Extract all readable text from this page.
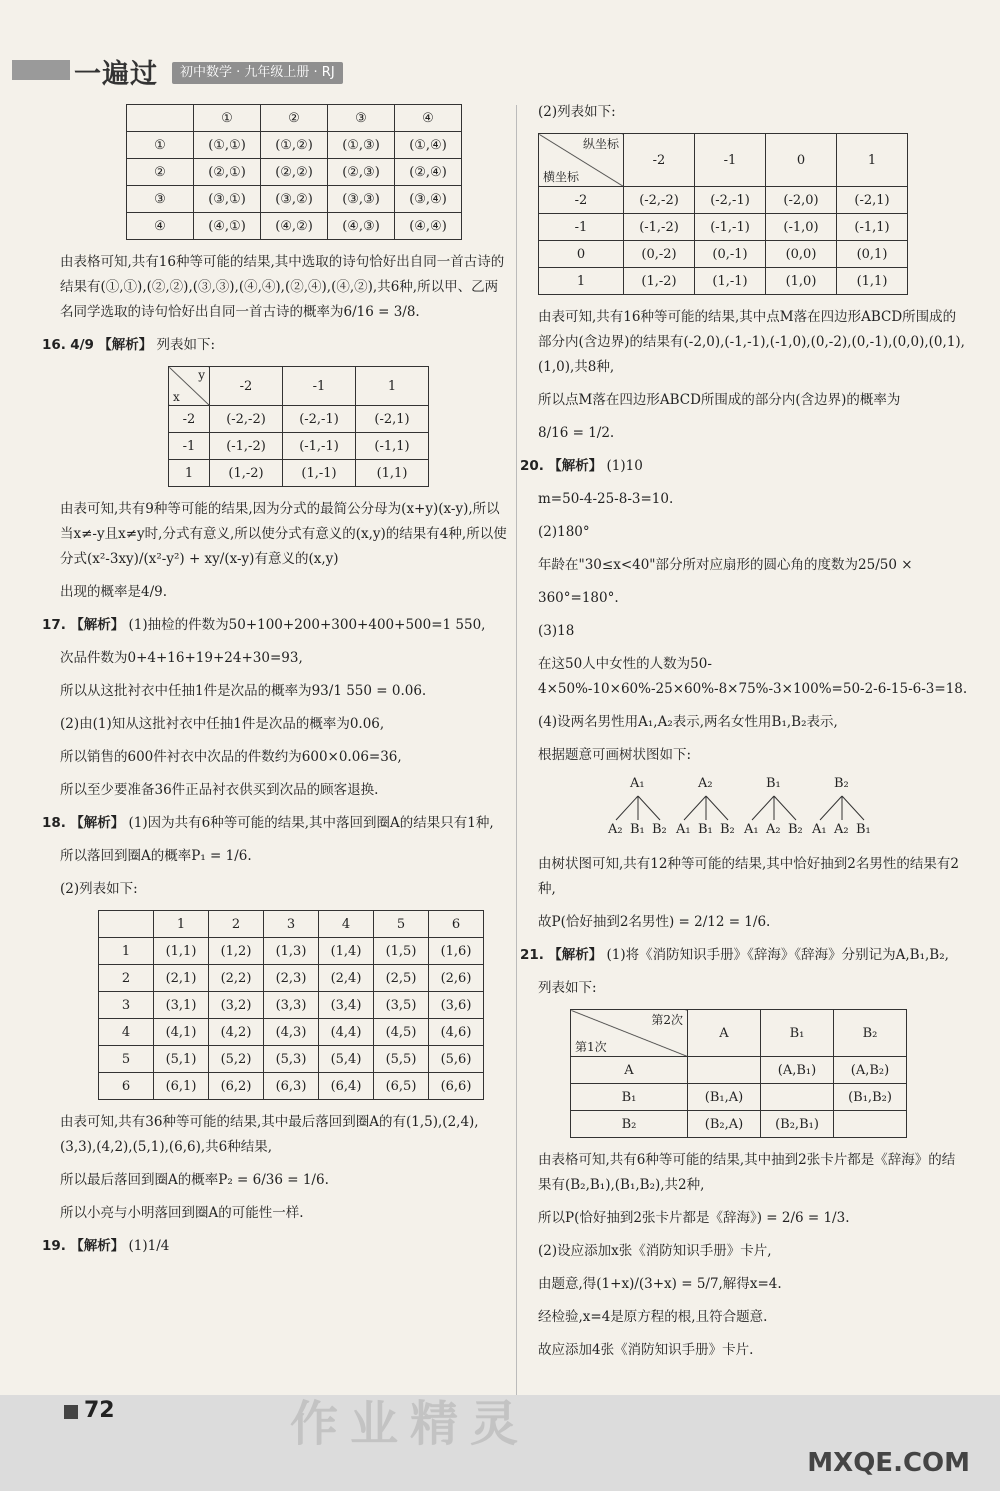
一遍过	初中数学 · 九年级上册 · RJ
	①	②	③	④
①	(①,①)	(①,②)	(①,③)	(①,④)
②	(②,①)	(②,②)	(②,③)	(②,④)
③	(③,①)	(③,②)	(③,③)	(③,④)
④	(④,①)	(④,②)	(④,③)	(④,④)

由表格可知,共有16种等可能的结果,其中选取的诗句恰好出自同一首古诗的结果有(①,①),(②,②),(③,③),(④,④),(②,④),(④,②),共6种,所以甲、乙两名同学选取的诗句恰好出自同一首古诗的概率为6/16 = 3/8.

16. 4/9 【解析】 列表如下:

y
x	-2	-1	1
-2	(-2,-2)	(-2,-1)	(-2,1)
-1	(-1,-2)	(-1,-1)	(-1,1)
1	(1,-2)	(1,-1)	(1,1)

由表可知,共有9种等可能的结果,因为分式的最简公分母为(x+y)(x-y),所以当x≠-y且x≠y时,分式有意义,所以使分式有意义的(x,y)的结果有4种,所以使分式(x²-3xy)/(x²-y²) + xy/(x-y)有意义的(x,y)

出现的概率是4/9.

17. 【解析】 (1)抽检的件数为50+100+200+300+400+500=1 550,

次品件数为0+4+16+19+24+30=93,

所以从这批衬衣中任抽1件是次品的概率为93/1 550 = 0.06.

(2)由(1)知从这批衬衣中任抽1件是次品的概率为0.06,

所以销售的600件衬衣中次品的件数约为600×0.06=36,

所以至少要准备36件正品衬衣供买到次品的顾客退换.

18. 【解析】 (1)因为共有6种等可能的结果,其中落回到圈A的结果只有1种,

所以落回到圈A的概率P₁ = 1/6.

(2)列表如下:

	1	2	3	4	5	6
1	(1,1)	(1,2)	(1,3)	(1,4)	(1,5)	(1,6)
2	(2,1)	(2,2)	(2,3)	(2,4)	(2,5)	(2,6)
3	(3,1)	(3,2)	(3,3)	(3,4)	(3,5)	(3,6)
4	(4,1)	(4,2)	(4,3)	(4,4)	(4,5)	(4,6)
5	(5,1)	(5,2)	(5,3)	(5,4)	(5,5)	(5,6)
6	(6,1)	(6,2)	(6,3)	(6,4)	(6,5)	(6,6)

由表可知,共有36种等可能的结果,其中最后落回到圈A的有(1,5),(2,4),(3,3),(4,2),(5,1),(6,6),共6种结果,

所以最后落回到圈A的概率P₂ = 6/36 = 1/6.

所以小亮与小明落回到圈A的可能性一样.

19. 【解析】 (1)1/4

(2)列表如下:

纵坐标
横坐标	-2	-1	0	1
-2	(-2,-2)	(-2,-1)	(-2,0)	(-2,1)
-1	(-1,-2)	(-1,-1)	(-1,0)	(-1,1)
0	(0,-2)	(0,-1)	(0,0)	(0,1)
1	(1,-2)	(1,-1)	(1,0)	(1,1)

由表可知,共有16种等可能的结果,其中点M落在四边形ABCD所围成的部分内(含边界)的结果有(-2,0),(-1,-1),(-1,0),(0,-2),(0,-1),(0,0),(0,1),(1,0),共8种,

所以点M落在四边形ABCD所围成的部分内(含边界)的概率为

8/16 = 1/2.

20. 【解析】 (1)10

m=50-4-25-8-3=10.

(2)180°

年龄在"30≤x<40"部分所对应扇形的圆心角的度数为25/50 ×

360°=180°.

(3)18

在这50人中女性的人数为50-4×50%-10×60%-25×60%-8×75%-3×100%=50-2-6-15-6-3=18.

(4)设两名男性用A₁,A₂表示,两名女性用B₁,B₂表示,

根据题意可画树状图如下:

A₁
A₂ B₁ B₂
A₂
A₁ B₁ B₂
B₁
A₁ A₂ B₂
B₂
A₁ A₂ B₁

由树状图可知,共有12种等可能的结果,其中恰好抽到2名男性的结果有2种,

故P(恰好抽到2名男性) = 2/12 = 1/6.

21. 【解析】 (1)将《消防知识手册》《辞海》《辞海》分别记为A,B₁,B₂,

列表如下:

第2次
第1次	A	B₁	B₂
A		(A,B₁)	(A,B₂)
B₁	(B₁,A)		(B₁,B₂)
B₂	(B₂,A)	(B₂,B₁)	

由表格可知,共有6种等可能的结果,其中抽到2张卡片都是《辞海》的结果有(B₂,B₁),(B₁,B₂),共2种,

所以P(恰好抽到2张卡片都是《辞海》) = 2/6 = 1/3.

(2)设应添加x张《消防知识手册》卡片,

由题意,得(1+x)/(3+x) = 5/7,解得x=4.

经检验,x=4是原方程的根,且符合题意.

故应添加4张《消防知识手册》卡片.

72	作业精灵
MXQE.COM
